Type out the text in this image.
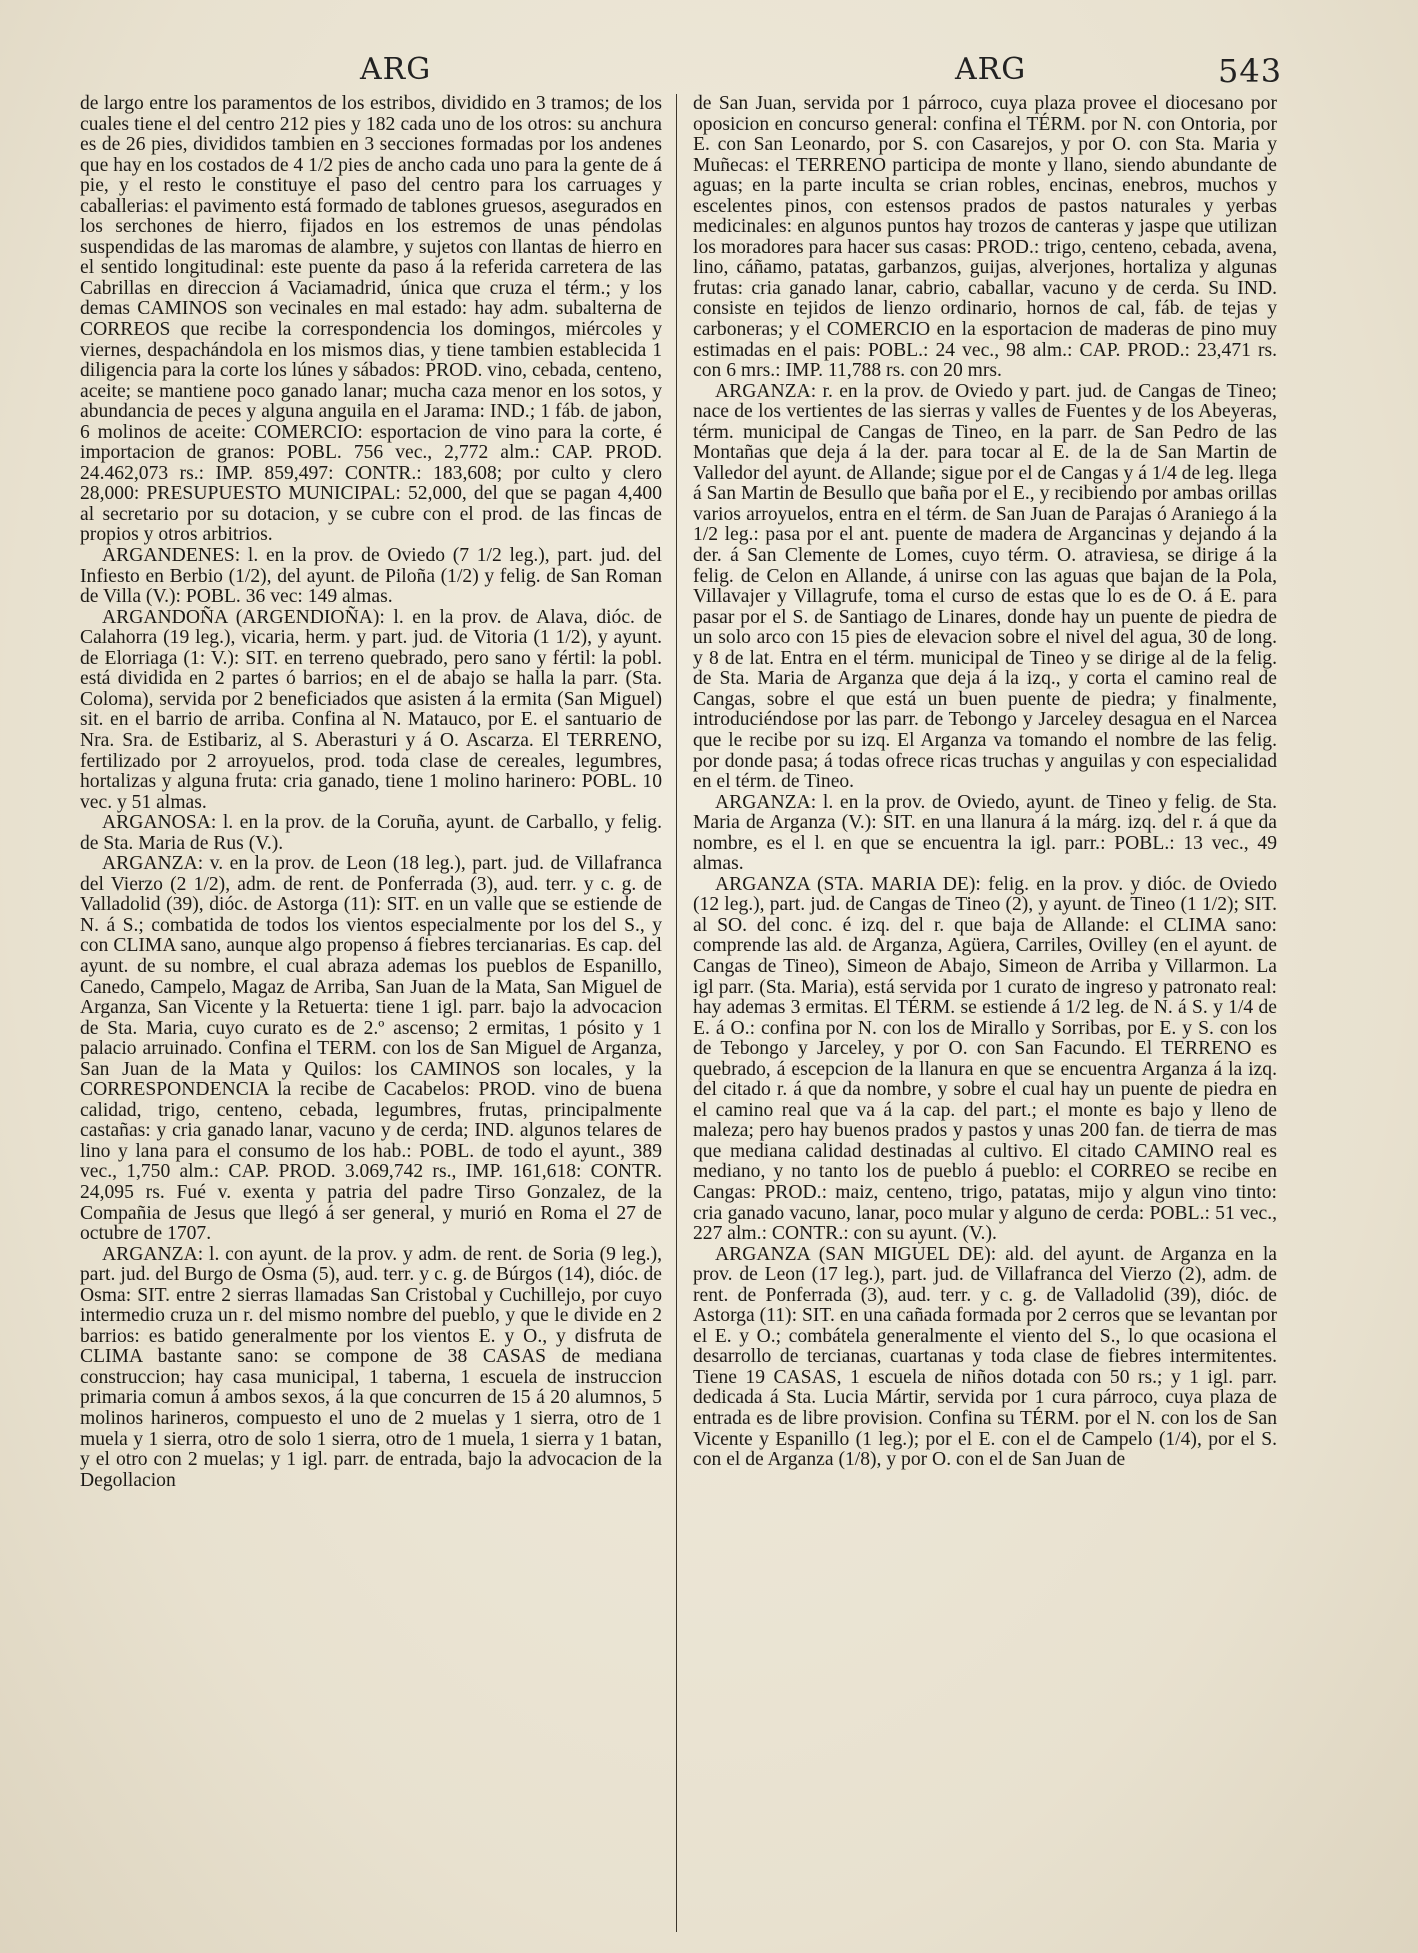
ARG	ARG	543

de largo entre los paramentos de los estribos, dividido en 3 tramos; de los cuales tiene el del centro 212 pies y 182 cada uno de los otros: su anchura es de 26 pies, divididos tambien en 3 secciones formadas por los andenes que hay en los costados de 4 1/2 pies de ancho cada uno para la gente de á pie, y el resto le constituye el paso del centro para los carruages y caballerias: el pavimento está formado de tablones gruesos, asegurados en los serchones de hierro, fijados en los estremos de unas péndolas suspendidas de las maromas de alambre, y sujetos con llantas de hierro en el sentido longitudinal: este puente da paso á la referida carretera de las Cabrillas en direccion á Vaciamadrid, única que cruza el térm.; y los demas CAMINOS son vecinales en mal estado: hay adm. subalterna de CORREOS que recibe la correspondencia los domingos, miércoles y viernes, despachándola en los mismos dias, y tiene tambien establecida 1 diligencia para la corte los lúnes y sábados: PROD. vino, cebada, centeno, aceite; se mantiene poco ganado lanar; mucha caza menor en los sotos, y abundancia de peces y alguna anguila en el Jarama: IND.; 1 fáb. de jabon, 6 molinos de aceite: COMERCIO: esportacion de vino para la corte, é importacion de granos: POBL. 756 vec., 2,772 alm.: CAP. PROD. 24.462,073 rs.: IMP. 859,497: CONTR.: 183,608; por culto y clero 28,000: PRESUPUESTO MUNICIPAL: 52,000, del que se pagan 4,400 al secretario por su dotacion, y se cubre con el prod. de las fincas de propios y otros arbitrios.

ARGANDENES: l. en la prov. de Oviedo (7 1/2 leg.), part. jud. del Infiesto en Berbio (1/2), del ayunt. de Piloña (1/2) y felig. de San Roman de Villa (V.): POBL. 36 vec: 149 almas.

ARGANDOÑA (ARGENDIOÑA): l. en la prov. de Alava, dióc. de Calahorra (19 leg.), vicaria, herm. y part. jud. de Vitoria (1 1/2), y ayunt. de Elorriaga (1: V.): SIT. en terreno quebrado, pero sano y fértil: la pobl. está dividida en 2 partes ó barrios; en el de abajo se halla la parr. (Sta. Coloma), servida por 2 beneficiados que asisten á la ermita (San Miguel) sit. en el barrio de arriba. Confina al N. Matauco, por E. el santuario de Nra. Sra. de Estibariz, al S. Aberasturi y á O. Ascarza. El TERRENO, fertilizado por 2 arroyuelos, prod. toda clase de cereales, legumbres, hortalizas y alguna fruta: cria ganado, tiene 1 molino harinero: POBL. 10 vec. y 51 almas.

ARGANOSA: l. en la prov. de la Coruña, ayunt. de Carballo, y felig. de Sta. Maria de Rus (V.).

ARGANZA: v. en la prov. de Leon (18 leg.), part. jud. de Villafranca del Vierzo (2 1/2), adm. de rent. de Ponferrada (3), aud. terr. y c. g. de Valladolid (39), dióc. de Astorga (11): SIT. en un valle que se estiende de N. á S.; combatida de todos los vientos especialmente por los del S., y con CLIMA sano, aunque algo propenso á fiebres tercianarias. Es cap. del ayunt. de su nombre, el cual abraza ademas los pueblos de Espanillo, Canedo, Campelo, Magaz de Arriba, San Juan de la Mata, San Miguel de Arganza, San Vicente y la Retuerta: tiene 1 igl. parr. bajo la advocacion de Sta. Maria, cuyo curato es de 2.º ascenso; 2 ermitas, 1 pósito y 1 palacio arruinado. Confina el TERM. con los de San Miguel de Arganza, San Juan de la Mata y Quilos: los CAMINOS son locales, y la CORRESPONDENCIA la recibe de Cacabelos: PROD. vino de buena calidad, trigo, centeno, cebada, legumbres, frutas, principalmente castañas: y cria ganado lanar, vacuno y de cerda; IND. algunos telares de lino y lana para el consumo de los hab.: POBL. de todo el ayunt., 389 vec., 1,750 alm.: CAP. PROD. 3.069,742 rs., IMP. 161,618: CONTR. 24,095 rs. Fué v. exenta y patria del padre Tirso Gonzalez, de la Compañia de Jesus que llegó á ser general, y murió en Roma el 27 de octubre de 1707.

ARGANZA: l. con ayunt. de la prov. y adm. de rent. de Soria (9 leg.), part. jud. del Burgo de Osma (5), aud. terr. y c. g. de Búrgos (14), dióc. de Osma: SIT. entre 2 sierras llamadas San Cristobal y Cuchillejo, por cuyo intermedio cruza un r. del mismo nombre del pueblo, y que le divide en 2 barrios: es batido generalmente por los vientos E. y O., y disfruta de CLIMA bastante sano: se compone de 38 CASAS de mediana construccion; hay casa municipal, 1 taberna, 1 escuela de instruccion primaria comun á ambos sexos, á la que concurren de 15 á 20 alumnos, 5 molinos harineros, compuesto el uno de 2 muelas y 1 sierra, otro de 1 muela y 1 sierra, otro de solo 1 sierra, otro de 1 muela, 1 sierra y 1 batan, y el otro con 2 muelas; y 1 igl. parr. de entrada, bajo la advocacion de la Degollacion

de San Juan, servida por 1 párroco, cuya plaza provee el diocesano por oposicion en concurso general: confina el TÉRM. por N. con Ontoria, por E. con San Leonardo, por S. con Casarejos, y por O. con Sta. Maria y Muñecas: el TERRENO participa de monte y llano, siendo abundante de aguas; en la parte inculta se crian robles, encinas, enebros, muchos y escelentes pinos, con estensos prados de pastos naturales y yerbas medicinales: en algunos puntos hay trozos de canteras y jaspe que utilizan los moradores para hacer sus casas: PROD.: trigo, centeno, cebada, avena, lino, cáñamo, patatas, garbanzos, guijas, alverjones, hortaliza y algunas frutas: cria ganado lanar, cabrio, caballar, vacuno y de cerda. Su IND. consiste en tejidos de lienzo ordinario, hornos de cal, fáb. de tejas y carboneras; y el COMERCIO en la esportacion de maderas de pino muy estimadas en el pais: POBL.: 24 vec., 98 alm.: CAP. PROD.: 23,471 rs. con 6 mrs.: IMP. 11,788 rs. con 20 mrs.

ARGANZA: r. en la prov. de Oviedo y part. jud. de Cangas de Tineo; nace de los vertientes de las sierras y valles de Fuentes y de los Abeyeras, térm. municipal de Cangas de Tineo, en la parr. de San Pedro de las Montañas que deja á la der. para tocar al E. de la de San Martin de Valledor del ayunt. de Allande; sigue por el de Cangas y á 1/4 de leg. llega á San Martin de Besullo que baña por el E., y recibiendo por ambas orillas varios arroyuelos, entra en el térm. de San Juan de Parajas ó Araniego á la 1/2 leg.: pasa por el ant. puente de madera de Argancinas y dejando á la der. á San Clemente de Lomes, cuyo térm. O. atraviesa, se dirige á la felig. de Celon en Allande, á unirse con las aguas que bajan de la Pola, Villavajer y Villagrufe, toma el curso de estas que lo es de O. á E. para pasar por el S. de Santiago de Linares, donde hay un puente de piedra de un solo arco con 15 pies de elevacion sobre el nivel del agua, 30 de long. y 8 de lat. Entra en el térm. municipal de Tineo y se dirige al de la felig. de Sta. Maria de Arganza que deja á la izq., y corta el camino real de Cangas, sobre el que está un buen puente de piedra; y finalmente, introduciéndose por las parr. de Tebongo y Jarceley desagua en el Narcea que le recibe por su izq. El Arganza va tomando el nombre de las felig. por donde pasa; á todas ofrece ricas truchas y anguilas y con especialidad en el térm. de Tineo.

ARGANZA: l. en la prov. de Oviedo, ayunt. de Tineo y felig. de Sta. Maria de Arganza (V.): SIT. en una llanura á la márg. izq. del r. á que da nombre, es el l. en que se encuentra la igl. parr.: POBL.: 13 vec., 49 almas.

ARGANZA (STA. MARIA DE): felig. en la prov. y dióc. de Oviedo (12 leg.), part. jud. de Cangas de Tineo (2), y ayunt. de Tineo (1 1/2); SIT. al SO. del conc. é izq. del r. que baja de Allande: el CLIMA sano: comprende las ald. de Arganza, Agüera, Carriles, Ovilley (en el ayunt. de Cangas de Tineo), Simeon de Abajo, Simeon de Arriba y Villarmon. La igl parr. (Sta. Maria), está servida por 1 curato de ingreso y patronato real: hay ademas 3 ermitas. El TÉRM. se estiende á 1/2 leg. de N. á S. y 1/4 de E. á O.: confina por N. con los de Mirallo y Sorribas, por E. y S. con los de Tebongo y Jarceley, y por O. con San Facundo. El TERRENO es quebrado, á escepcion de la llanura en que se encuentra Arganza á la izq. del citado r. á que da nombre, y sobre el cual hay un puente de piedra en el camino real que va á la cap. del part.; el monte es bajo y lleno de maleza; pero hay buenos prados y pastos y unas 200 fan. de tierra de mas que mediana calidad destinadas al cultivo. El citado CAMINO real es mediano, y no tanto los de pueblo á pueblo: el CORREO se recibe en Cangas: PROD.: maiz, centeno, trigo, patatas, mijo y algun vino tinto: cria ganado vacuno, lanar, poco mular y alguno de cerda: POBL.: 51 vec., 227 alm.: CONTR.: con su ayunt. (V.).

ARGANZA (SAN MIGUEL DE): ald. del ayunt. de Arganza en la prov. de Leon (17 leg.), part. jud. de Villafranca del Vierzo (2), adm. de rent. de Ponferrada (3), aud. terr. y c. g. de Valladolid (39), dióc. de Astorga (11): SIT. en una cañada formada por 2 cerros que se levantan por el E. y O.; combátela generalmente el viento del S., lo que ocasiona el desarrollo de tercianas, cuartanas y toda clase de fiebres intermitentes. Tiene 19 CASAS, 1 escuela de niños dotada con 50 rs.; y 1 igl. parr. dedicada á Sta. Lucia Mártir, servida por 1 cura párroco, cuya plaza de entrada es de libre provision. Confina su TÉRM. por el N. con los de San Vicente y Espanillo (1 leg.); por el E. con el de Campelo (1/4), por el S. con el de Arganza (1/8), y por O. con el de San Juan de
